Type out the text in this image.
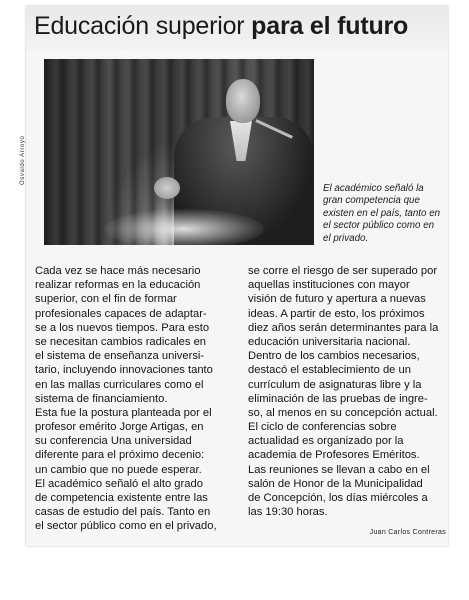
Educación superior para el futuro
Osvaldo Arroyo
El académico señaló la
gran competencia que
existen en el país, tanto en
el sector público como en
el privado.
Cada vez se hace más necesario
realizar reformas en la educación
superior, con el fin de formar
profesionales capaces de adaptar-
se a los nuevos tiempos. Para esto
se necesitan cambios radicales en
el sistema de enseñanza universi-
tario, incluyendo innovaciones tanto
en las mallas curriculares como el
sistema de financiamiento.
Esta fue la postura planteada por el
profesor emérito Jorge Artigas, en
su conferencia Una universidad
diferente para el próximo decenio:
un cambio que no puede esperar.
El académico señaló el alto grado
de competencia existente entre las
casas de estudio del país. Tanto en
el sector público como en el privado,
se corre el riesgo de ser superado por
aquellas instituciones con mayor
visión de futuro y apertura a nuevas
ideas. A partir de esto, los próximos
diez años serán determinantes para la
educación universitaria nacional.
Dentro de los cambios necesarios,
destacó el establecimiento de un
currículum de asignaturas libre y la
eliminación de las pruebas de ingre-
so, al menos en su concepción actual.
El ciclo de conferencias sobre
actualidad es organizado por la
academia de Profesores Eméritos.
Las reuniones se llevan a cabo en el
salón de Honor de la Municipalidad
de Concepción, los días miércoles a
las 19:30 horas.
Juan Carlos Contreras
